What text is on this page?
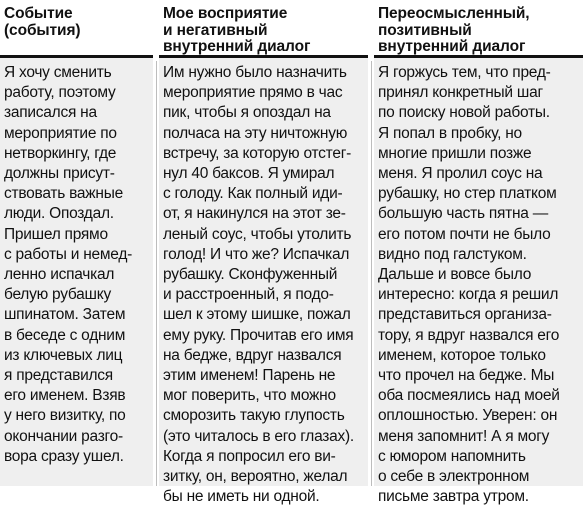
Событие
(события)
Я хочу сменить
работу, поэтому
записался на
мероприятие по
нетворкингу, где
должны присут-
ствовать важные
люди. Опоздал.
Пришел прямо
с работы и немед-
ленно испачкал
белую рубашку
шпинатом. Затем
в беседе с одним
из ключевых лиц
я представился
его именем. Взяв
у него визитку, по
окончании разго-
вора сразу ушел.
Мое восприятие
и негативный
внутренний диалог
Им нужно было назначить
мероприятие прямо в час
пик, чтобы я опоздал на
полчаса на эту ничтожную
встречу, за которую отстег-
нул 40 баксов. Я умирал
с голоду. Как полный иди-
от, я накинулся на этот зе-
леный соус, чтобы утолить
голод! И что же? Испачкал
рубашку. Сконфуженный
и расстроенный, я подо-
шел к этому шишке, пожал
ему руку. Прочитав его имя
на бедже, вдруг назвался
этим именем! Парень не
мог поверить, что можно
сморозить такую глупость
(это читалось в его глазах).
Когда я попросил его ви-
зитку, он, вероятно, желал
бы не иметь ни одной.
Переосмысленный,
позитивный
внутренний диалог
Я горжусь тем, что пред-
принял конкретный шаг
по поиску новой работы.
Я попал в пробку, но
многие пришли позже
меня. Я пролил соус на
рубашку, но стер платком
большую часть пятна —
его потом почти не было
видно под галстуком.
Дальше и вовсе было
интересно: когда я решил
представиться организа-
тору, я вдруг назвался его
именем, которое только
что прочел на бедже. Мы
оба посмеялись над моей
оплошностью. Уверен: он
меня запомнит! А я могу
с юмором напомнить
о себе в электронном
письме завтра утром.
